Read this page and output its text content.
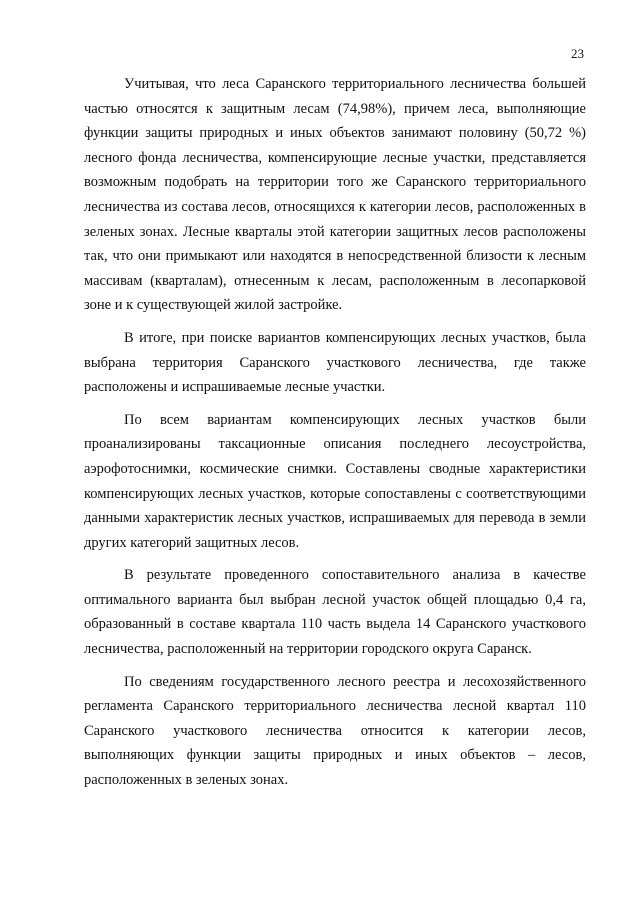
23

Учитывая, что леса Саранского территориального лесничества большей частью относятся к защитным лесам (74,98%), причем леса, выполняющие функции защиты природных и иных объектов занимают половину (50,72 %) лесного фонда лесничества, компенсирующие лесные участки, представляется возможным подобрать на территории того же Саранского территориального лесничества из состава лесов, относящихся к категории лесов, расположенных в зеленых зонах. Лесные кварталы этой категории защитных лесов расположены так, что они примыкают или находятся в непосредственной близости к лесным массивам (кварталам), отнесенным к лесам, расположенным в лесопарковой зоне и к существующей жилой застройке.

В итоге, при поиске вариантов компенсирующих лесных участков, была выбрана территория Саранского участкового лесничества, где также расположены и испрашиваемые лесные участки.

По всем вариантам компенсирующих лесных участков были проанализированы таксационные описания последнего лесоустройства, аэрофотоснимки, космические снимки. Составлены сводные характеристики компенсирующих лесных участков, которые сопоставлены с соответствующими данными характеристик лесных участков, испрашиваемых для перевода в земли других категорий защитных лесов.

В результате проведенного сопоставительного анализа в качестве оптимального варианта был выбран лесной участок общей площадью 0,4 га, образованный в составе квартала 110 часть выдела 14 Саранского участкового лесничества, расположенный на территории городского округа Саранск.

По сведениям государственного лесного реестра и лесохозяйственного регламента Саранского территориального лесничества лесной квартал 110 Саранского участкового лесничества относится к категории лесов, выполняющих функции защиты природных и иных объектов – лесов, расположенных в зеленых зонах.
